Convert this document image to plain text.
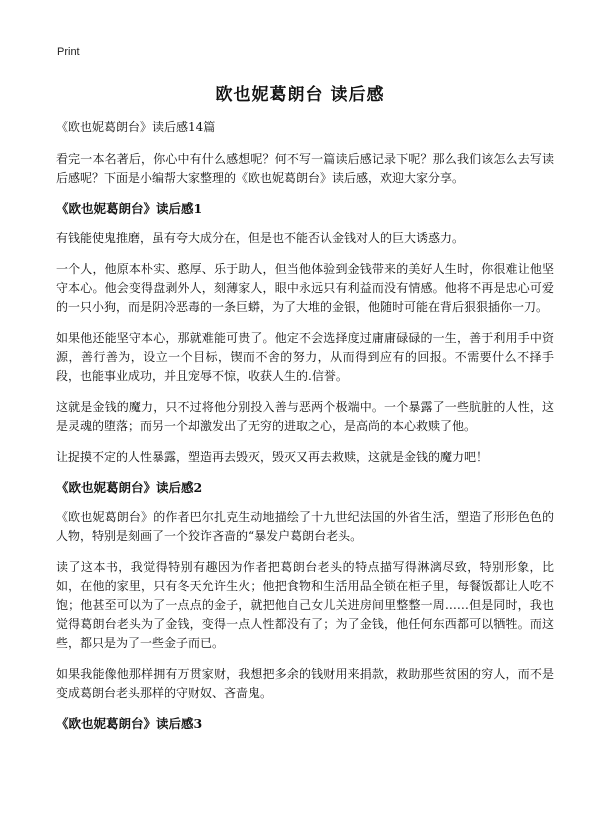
Print
欧也妮葛朗台 读后感
《欧也妮葛朗台》读后感14篇

看完一本名著后，你心中有什么感想呢？何不写一篇读后感记录下呢？那么我们该怎么去写读后感呢？下面是小编帮大家整理的《欧也妮葛朗台》读后感，欢迎大家分享。

《欧也妮葛朗台》读后感1

有钱能使鬼推磨，虽有夸大成分在，但是也不能否认金钱对人的巨大诱惑力。

一个人，他原本朴实、憨厚、乐于助人，但当他体验到金钱带来的美好人生时，你很难让他坚守本心。他会变得盘剥外人，刻薄家人，眼中永远只有利益而没有情感。他将不再是忠心可爱的一只小狗，而是阴冷恶毒的一条巨蟒，为了大堆的金银，他随时可能在背后狠狠插你一刀。

如果他还能坚守本心，那就难能可贵了。他定不会选择度过庸庸碌碌的一生，善于利用手中资源，善行善为，设立一个目标，锲而不舍的努力，从而得到应有的回报。不需要什么不择手段，也能事业成功，并且宠辱不惊，收获人生的.信誉。

这就是金钱的魔力，只不过将他分别投入善与恶两个极端中。一个暴露了一些肮脏的人性，这是灵魂的堕落；而另一个却激发出了无穷的进取之心，是高尚的本心救赎了他。

让捉摸不定的人性暴露，塑造再去毁灭，毁灭又再去救赎，这就是金钱的魔力吧！

《欧也妮葛朗台》读后感2

《欧也妮葛朗台》的作者巴尔扎克生动地描绘了十九世纪法国的外省生活，塑造了形形色色的人物，特别是刻画了一个狡诈吝啬的“暴发户葛朗台老头。

读了这本书，我觉得特别有趣因为作者把葛朗台老头的特点描写得淋漓尽致，特别形象，比如，在他的家里，只有冬天允许生火；他把食物和生活用品全锁在柜子里，每餐饭都让人吃不饱；他甚至可以为了一点点的金子，就把他自己女儿关进房间里整整一周……但是同时，我也觉得葛朗台老头为了金钱，变得一点人性都没有了；为了金钱，他任何东西都可以牺牲。而这些，都只是为了一些金子而已。

如果我能像他那样拥有万贯家财，我想把多余的钱财用来捐款，救助那些贫困的穷人，而不是变成葛朗台老头那样的守财奴、吝啬鬼。

《欧也妮葛朗台》读后感3
